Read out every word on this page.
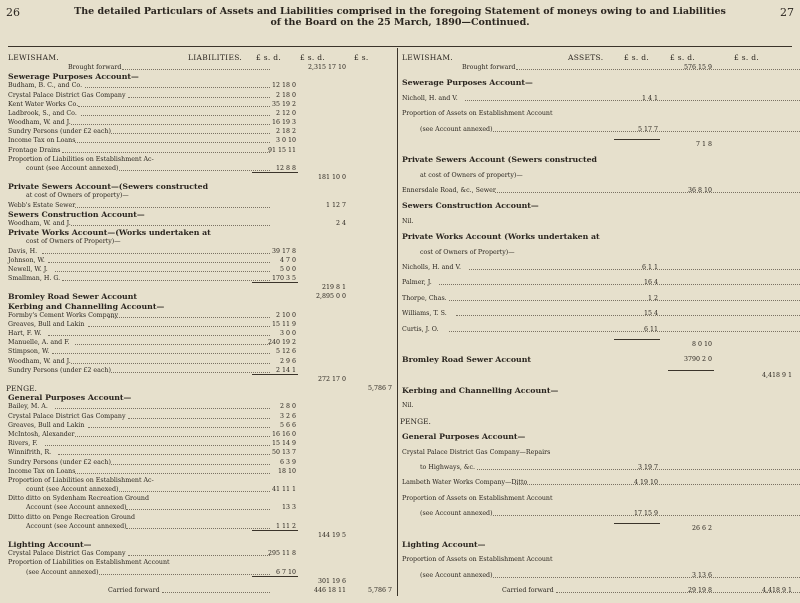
26	27
The detailed Particulars of Assets and Liabilities comprised in the foregoing Statement of moneys owing to and Liabilities
of the Board on the 25 March, 1890—Continued.
LEWISHAM.	LIABILITIES. £ s. d.	£ s. d.	£ s.	LEWISHAM.	ASSETS.	£ s. d.	£ s. d.	£ s. d.
Brought forward	2,315 17 10
Sewerage Purposes Account—
Budham, B. C., and Co.	12 18 0
Crystal Palace District Gas Company	2 18 0
Kent Water Works Co.	35 19 2
Ladbrook, S., and Co.	2 12 0
Woodham, W. and J.	16 19 3
Sundry Persons (under £2 each)	2 18 2
Income Tax on Loans	3 0 10
Frontage Drains	91 15 11
Proportion of Liabilities on Establishment Ac-
count (see Account annexed)	12 8 8
181 10 0
Private Sewers Account—(Sewers constructed
at cost of Owners of property)—
Webb's Estate Sewer	1 12 7
Sewers Construction Account—
Woodham, W. and J.	2 4
Private Works Account—(Works undertaken at
cost of Owners of Property)—
Davis, H.	39 17 8
Johnson, W.	4 7 0
Newell, W. J.	5 0 0
Smallman, H. G.	170 3 5
219 8 1
Bromley Road Sewer Account	2,895 0 0
Kerbing and Channelling Account—
Formby's Cement Works Company	2 10 0
Greaves, Bull and Lakin	15 11 9
Hart, F. W.	3 0 0
Manuelle, A. and F.	240 19 2
Stimpson, W.	5 12 6
Woodham, W. and J.	2 9 6
Sundry Persons (under £2 each)	2 14 1
272 17 0
PENGE.	5,786 7
General Purposes Account—
Bailey, M. A.	2 8 0
Crystal Palace District Gas Company	3 2 6
Greaves, Bull and Lakin	5 6 6
McIntosh, Alexander	16 16 0
Rivers, F.	15 14 9
Winnifrith, R.	50 13 7
Sundry Persons (under £2 each)	6 3 9
Income Tax on Loans	18 10
Proportion of Liabilities on Establishment Ac-
count (see Account annexed)	41 11 1
Ditto ditto on Sydenham Recreation Ground
Account (see Account annexed)	13 3
Ditto ditto on Penge Recreation Ground
Account (see Account annexed)	1 11 2
144 19 5
Lighting Account—
Crystal Palace District Gas Company	295 11 8
Proportion of Liabilities on Establishment Account
(see Account annexed)	6 7 10
301 19 6
Carried forward	446 18 11	5,786 7
Brought forward	576 15 9
Sewerage Purposes Account—
Nicholl, H. and V.	1 4 1
Proportion of Assets on Establishment Account
(see Account annexed)	5 17 7
7 1 8
Private Sewers Account (Sewers constructed
at cost of Owners of property)—
Ennersdale Road, &c., Sewer	36 8 10
Sewers Construction Account—
Nil.
Private Works Account (Works undertaken at
cost of Owners of Property)—
Nicholls, H. and V.	6 1 1
Palmer, J.	16 4
Thorpe, Chas.	1 2
Williams, T. S.	15 4
Curtis, J. O.	6 11
8 0 10
Bromley Road Sewer Account	3790 2 0
4,418 9 1
Kerbing and Channelling Account—
Nil.
PENGE.
General Purposes Account—
Crystal Palace District Gas Company—Repairs
to Highways, &c.	3 19 7
Lambeth Water Works Company—Ditto	4 19 10
Proportion of Assets on Establishment Account
(see Account annexed)	17 15 9
26 6 2
Lighting Account—
Proportion of Assets on Establishment Account
(see Account annexed)	3 13 6
Carried forward	29 19 8	4,418 9 1
